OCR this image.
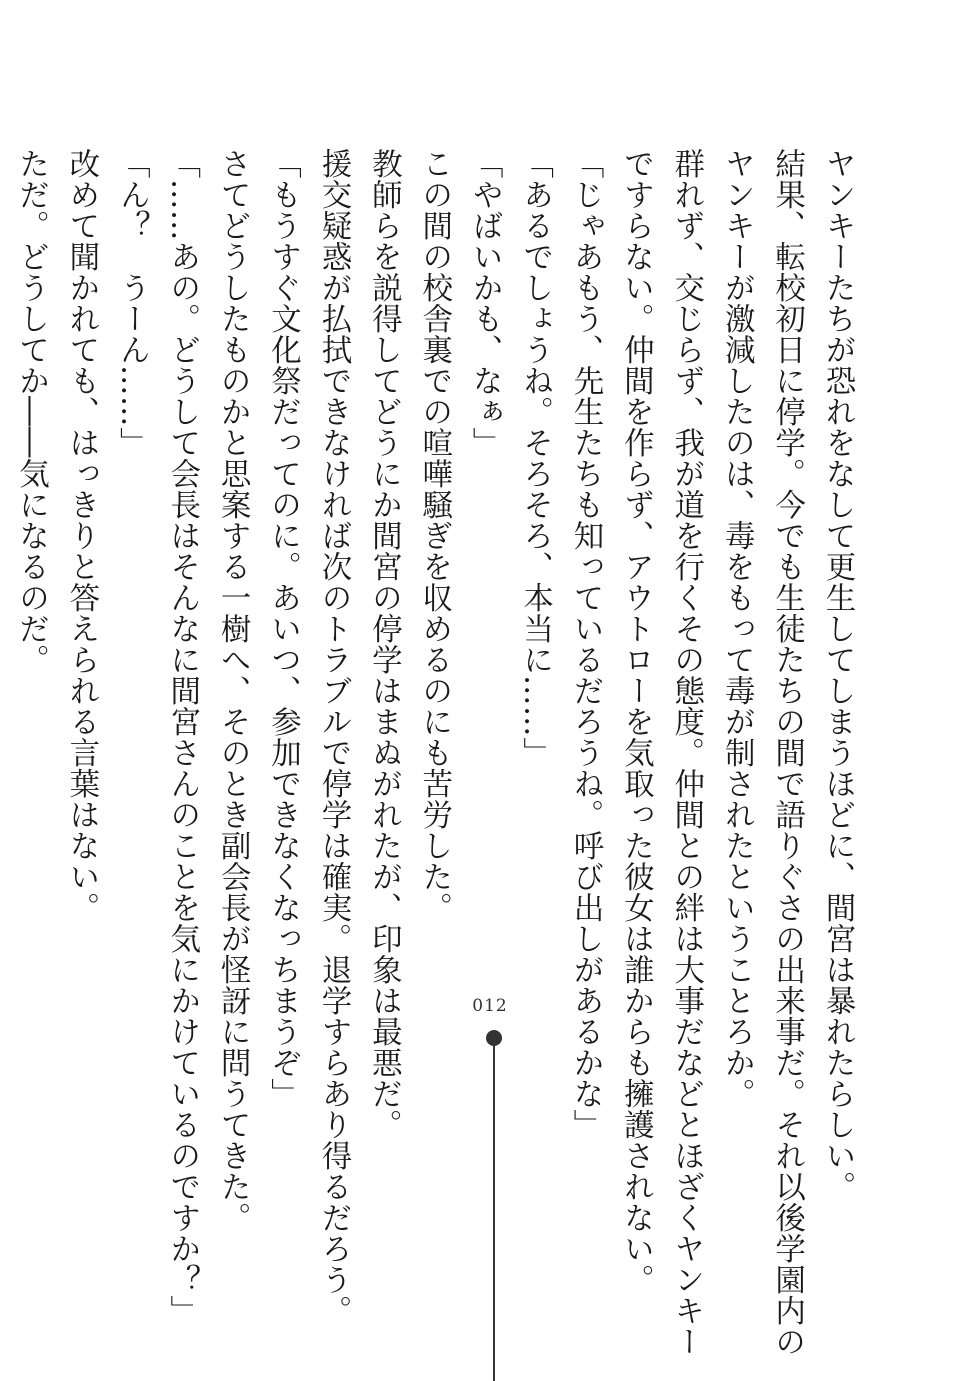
ヤンキーたちが恐れをなして更生してしまうほどに、間宮は暴れたらしい。

結果、転校初日に停学。今でも生徒たちの間で語りぐさの出来事だ。それ以後学園内の

ヤンキーが激減したのは、毒をもって毒が制されたということろか。

群れず、交じらず、我が道を行くその態度。仲間との絆は大事だなどとほざくヤンキー

ですらない。仲間を作らず、アウトローを気取った彼女は誰からも擁護されない。

「じゃあもう、先生たちも知っているだろうね。呼び出しがあるかな」

「あるでしょうね。そろそろ、本当に……」

「やばいかも、なぁ」

この間の校舎裏での喧嘩騒ぎを収めるのにも苦労した。

教師らを説得してどうにか間宮の停学はまぬがれたが、印象は最悪だ。

援交疑惑が払拭できなければ次のトラブルで停学は確実。退学すらあり得るだろう。

「もうすぐ文化祭だってのに。あいつ、参加できなくなっちまうぞ」

さてどうしたものかと思案する一樹へ、そのとき副会長が怪訝に問うてきた。

「……あの。どうして会長はそんなに間宮さんのことを気にかけているのですか？」

「ん？　うーん……」

改めて聞かれても、はっきりと答えられる言葉はない。

ただ。どうしてか――気になるのだ。

012
